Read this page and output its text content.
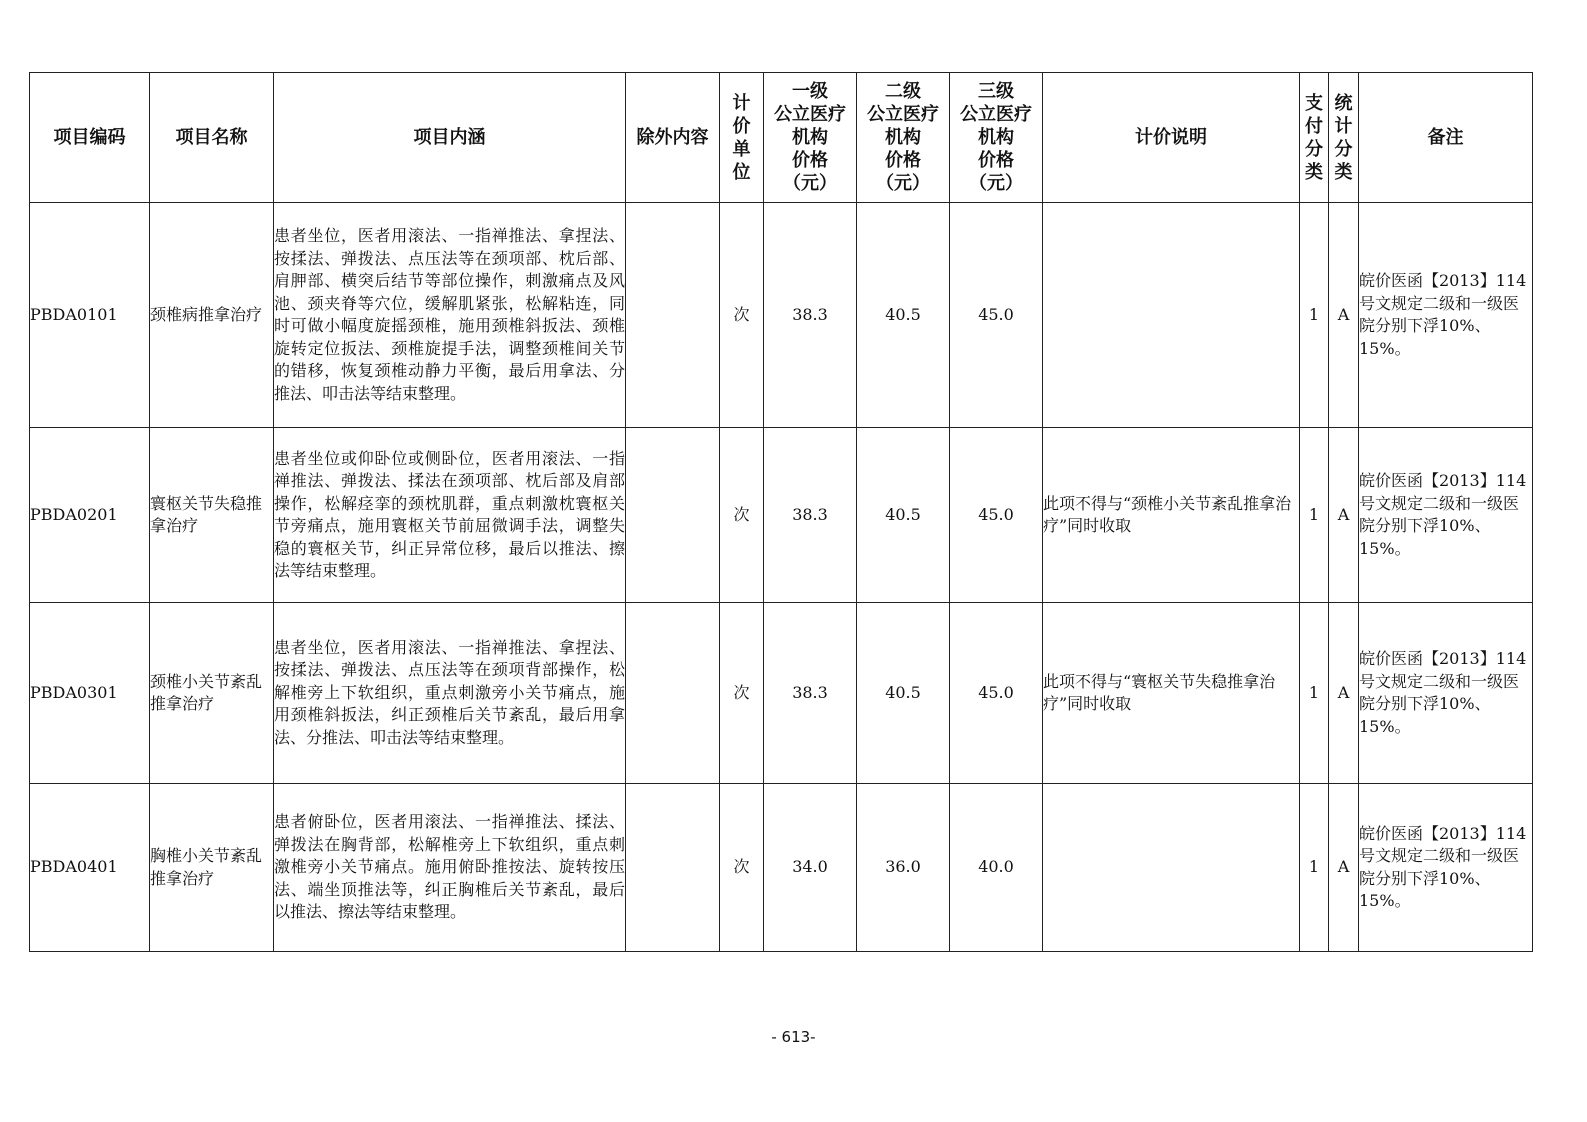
项目编码	项目名称	项目内涵	除外内容	计
价
单
位	一级
公立医疗
机构
价格
（元）	二级
公立医疗
机构
价格
（元）	三级
公立医疗
机构
价格
（元）	计价说明	支
付
分
类	统
计
分
类	备注
PBDA0101	颈椎病推拿治疗	患者坐位，医者用滚法、一指禅推法、拿捏法、按揉法、弹拨法、点压法等在颈项部、枕后部、肩胛部、横突后结节等部位操作，刺激痛点及风池、颈夹脊等穴位，缓解肌紧张，松解粘连，同时可做小幅度旋摇颈椎，施用颈椎斜扳法、颈椎旋转定位扳法、颈椎旋提手法，调整颈椎间关节的错移，恢复颈椎动静力平衡，最后用拿法、分推法、叩击法等结束整理。		次	38.3	40.5	45.0		1	A	皖价医函【2013】114号文规定二级和一级医院分别下浮10%、15%。
PBDA0201	寰枢关节失稳推拿治疗	患者坐位或仰卧位或侧卧位，医者用滚法、一指禅推法、弹拨法、揉法在颈项部、枕后部及肩部操作，松解痉挛的颈枕肌群，重点刺激枕寰枢关节旁痛点，施用寰枢关节前屈微调手法，调整失稳的寰枢关节，纠正异常位移，最后以推法、擦法等结束整理。		次	38.3	40.5	45.0	此项不得与“颈椎小关节紊乱推拿治疗”同时收取	1	A	皖价医函【2013】114号文规定二级和一级医院分别下浮10%、15%。
PBDA0301	颈椎小关节紊乱推拿治疗	患者坐位，医者用滚法、一指禅推法、拿捏法、按揉法、弹拨法、点压法等在颈项背部操作，松解椎旁上下软组织，重点刺激旁小关节痛点，施用颈椎斜扳法，纠正颈椎后关节紊乱，最后用拿法、分推法、叩击法等结束整理。		次	38.3	40.5	45.0	此项不得与“寰枢关节失稳推拿治疗”同时收取	1	A	皖价医函【2013】114号文规定二级和一级医院分别下浮10%、15%。
PBDA0401	胸椎小关节紊乱推拿治疗	患者俯卧位，医者用滚法、一指禅推法、揉法、弹拨法在胸背部，松解椎旁上下软组织，重点刺激椎旁小关节痛点。施用俯卧推按法、旋转按压法、端坐顶推法等，纠正胸椎后关节紊乱，最后以推法、擦法等结束整理。		次	34.0	36.0	40.0		1	A	皖价医函【2013】114号文规定二级和一级医院分别下浮10%、15%。
- 613-
